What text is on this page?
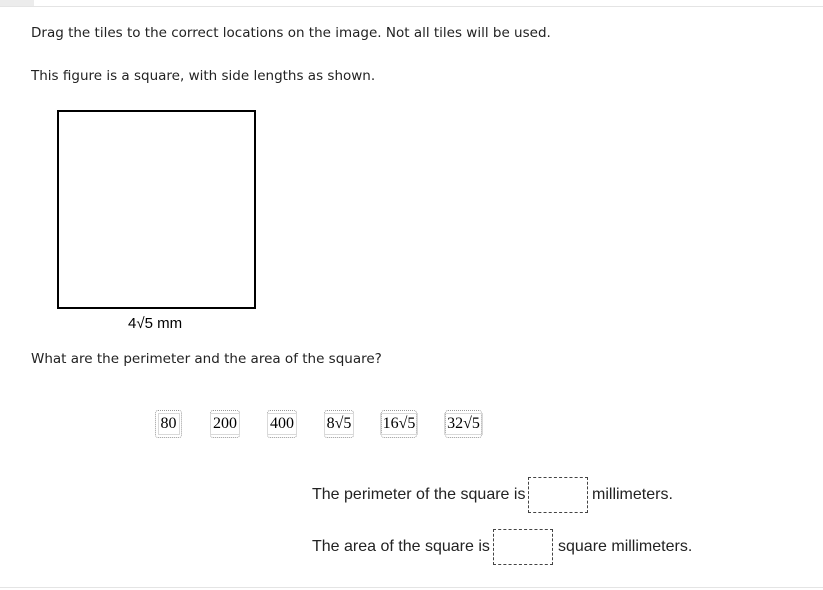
Drag the tiles to the correct locations on the image. Not all tiles will be used.
This figure is a square, with side lengths as shown.
4√5 mm
What are the perimeter and the area of the square?
80 200 400 8√5 16√5 32√5
The perimeter of the square is	millimeters.
The area of the square is	square millimeters.
